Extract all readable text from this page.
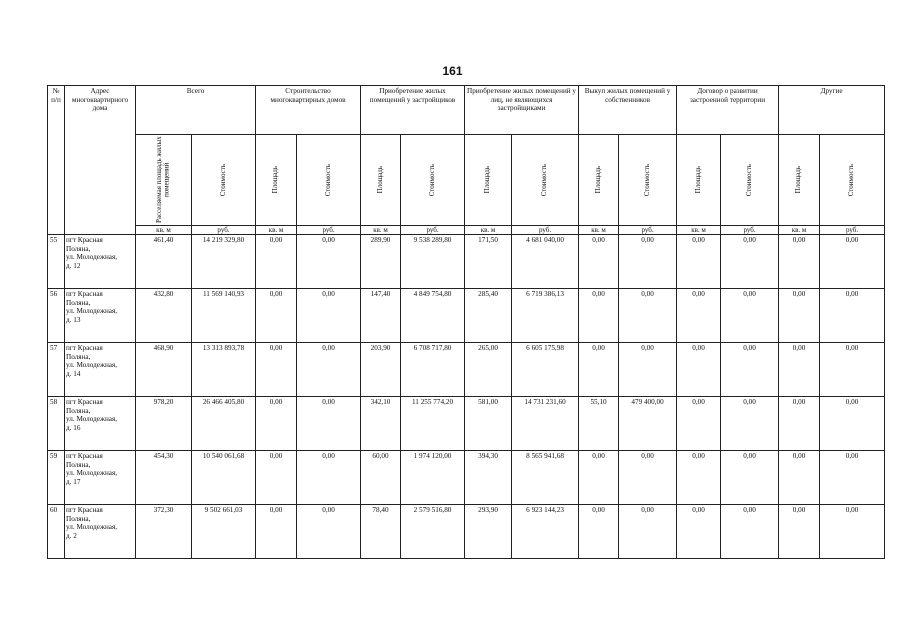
161
№ п/п	Адрес многоквартирного дома	Всего		Строительство многоквартирных домов		Приобретение жилых помещений у застройщиков		Приобретение жилых помещений у лиц, не являющихся застройщиками		Выкуп жилых помещений у собственников		Договор о развитии застроенной территории		Другие	

		Расселяемая площадь жилых помещений	Стоимость	Площадь	Стоимость	Площадь	Стоимость	Площадь	Стоимость	Площадь	Стоимость	Площадь	Стоимость	Площадь	Стоимость

		кв. м	руб.	кв. м	руб.	кв. м	руб.	кв. м	руб.	кв. м	руб.	кв. м	руб.	кв. м	руб.
55	пгт Красная
Поляна,
ул. Молодежная,
д. 12	461,40	14 219 329,80	0,00	0,00	289,90	9 538 289,80	171,50	4 681 040,00	0,00	0,00	0,00	0,00	0,00	0,00
56	пгт Красная
Поляна,
ул. Молодежная,
д. 13	432,80	11 569 140,93	0,00	0,00	147,40	4 849 754,80	285,40	6 719 386,13	0,00	0,00	0,00	0,00	0,00	0,00
57	пгт Красная
Поляна,
ул. Молодежная,
д. 14	468,90	13 313 893,78	0,00	0,00	203,90	6 708 717,80	265,00	6 605 175,98	0,00	0,00	0,00	0,00	0,00	0,00
58	пгт Красная
Поляна,
ул. Молодежная,
д. 16	978,20	26 466 405,80	0,00	0,00	342,10	11 255 774,20	581,00	14 731 231,60	55,10	479 400,00	0,00	0,00	0,00	0,00
59	пгт Красная
Поляна,
ул. Молодежная,
д. 17	454,30	10 540 061,68	0,00	0,00	60,00	1 974 120,00	394,30	8 565 941,68	0,00	0,00	0,00	0,00	0,00	0,00
60	пгт Красная
Поляна,
ул. Молодежная,
д. 2	372,30	9 502 661,03	0,00	0,00	78,40	2 579 516,80	293,90	6 923 144,23	0,00	0,00	0,00	0,00	0,00	0,00
